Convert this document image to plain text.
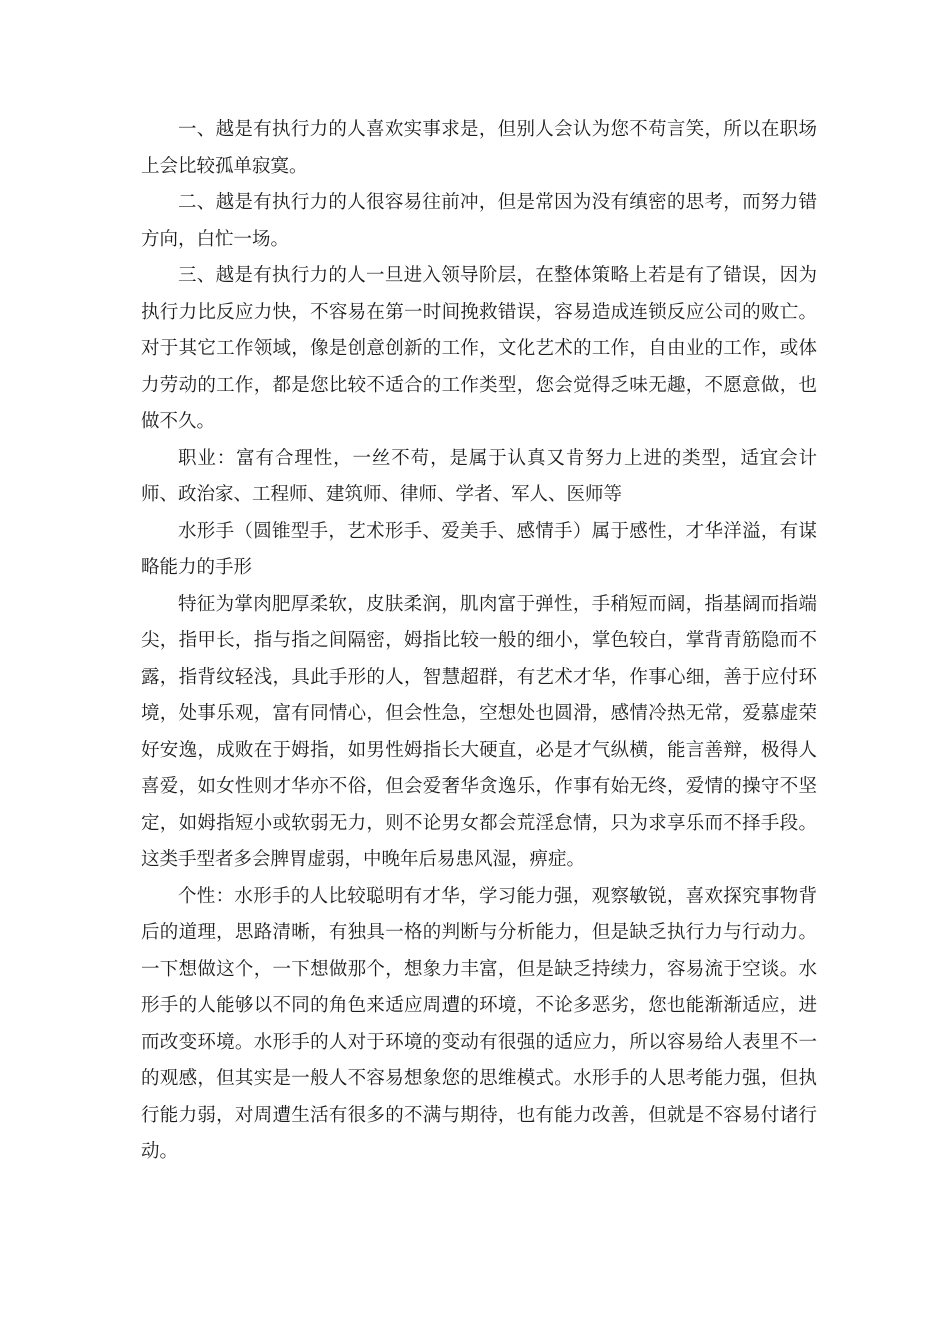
一、越是有执行力的人喜欢实事求是，但别人会认为您不苟言笑，所以在职场上会比较孤单寂寞。

二、越是有执行力的人很容易往前冲，但是常因为没有缜密的思考，而努力错方向，白忙一场。

三、越是有执行力的人一旦进入领导阶层，在整体策略上若是有了错误，因为执行力比反应力快，不容易在第一时间挽救错误，容易造成连锁反应公司的败亡。对于其它工作领域，像是创意创新的工作，文化艺术的工作，自由业的工作，或体力劳动的工作，都是您比较不适合的工作类型，您会觉得乏味无趣，不愿意做，也做不久。

职业：富有合理性，一丝不苟，是属于认真又肯努力上进的类型，适宜会计师、政治家、工程师、建筑师、律师、学者、军人、医师等

水形手（圆锥型手，艺术形手、爱美手、感情手）属于感性，才华洋溢，有谋略能力的手形

特征为掌肉肥厚柔软，皮肤柔润，肌肉富于弹性，手稍短而阔，指基阔而指端尖，指甲长，指与指之间隔密，姆指比较一般的细小，掌色较白，掌背青筋隐而不露，指背纹轻浅，具此手形的人，智慧超群，有艺术才华，作事心细，善于应付环境，处事乐观，富有同情心，但会性急，空想处也圆滑，感情冷热无常，爱慕虚荣好安逸，成败在于姆指，如男性姆指长大硬直，必是才气纵横，能言善辩，极得人喜爱，如女性则才华亦不俗，但会爱奢华贪逸乐，作事有始无终，爱情的操守不坚定，如姆指短小或软弱无力，则不论男女都会荒淫怠情，只为求享乐而不择手段。这类手型者多会脾胃虚弱，中晚年后易患风湿，痹症。

个性：水形手的人比较聪明有才华，学习能力强，观察敏锐，喜欢探究事物背后的道理，思路清晰，有独具一格的判断与分析能力，但是缺乏执行力与行动力。一下想做这个，一下想做那个，想象力丰富，但是缺乏持续力，容易流于空谈。水形手的人能够以不同的角色来适应周遭的环境，不论多恶劣，您也能渐渐适应，进而改变环境。水形手的人对于环境的变动有很强的适应力，所以容易给人表里不一的观感，但其实是一般人不容易想象您的思维模式。水形手的人思考能力强，但执行能力弱，对周遭生活有很多的不满与期待，也有能力改善，但就是不容易付诸行动。
